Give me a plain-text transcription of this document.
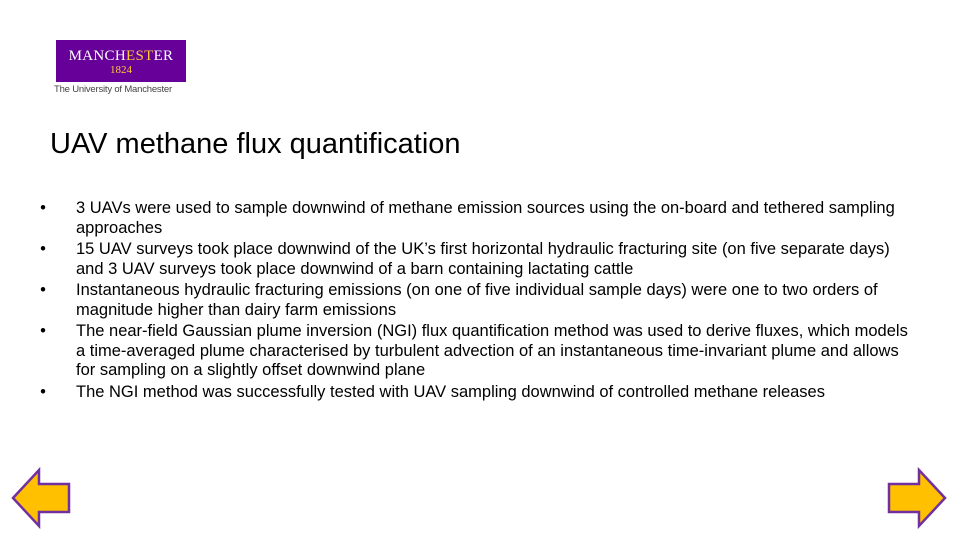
MANCHESTER
1824
The University of Manchester
UAV methane flux quantification
•	3 UAVs were used to sample downwind of methane emission sources using the on-board and tethered sampling approaches
•	15 UAV surveys took place downwind of the UK’s first horizontal hydraulic fracturing site (on five separate days) and 3 UAV surveys took place downwind of a barn containing lactating cattle
•	Instantaneous hydraulic fracturing emissions (on one of five individual sample days) were one to two orders of magnitude higher than dairy farm emissions
•	The near-field Gaussian plume inversion (NGI) flux quantification method was used to derive fluxes, which models a time-averaged plume characterised by turbulent advection of an instantaneous time-invariant plume and allows for sampling on a slightly offset downwind plane
•	The NGI method was successfully tested with UAV sampling downwind of controlled methane releases
